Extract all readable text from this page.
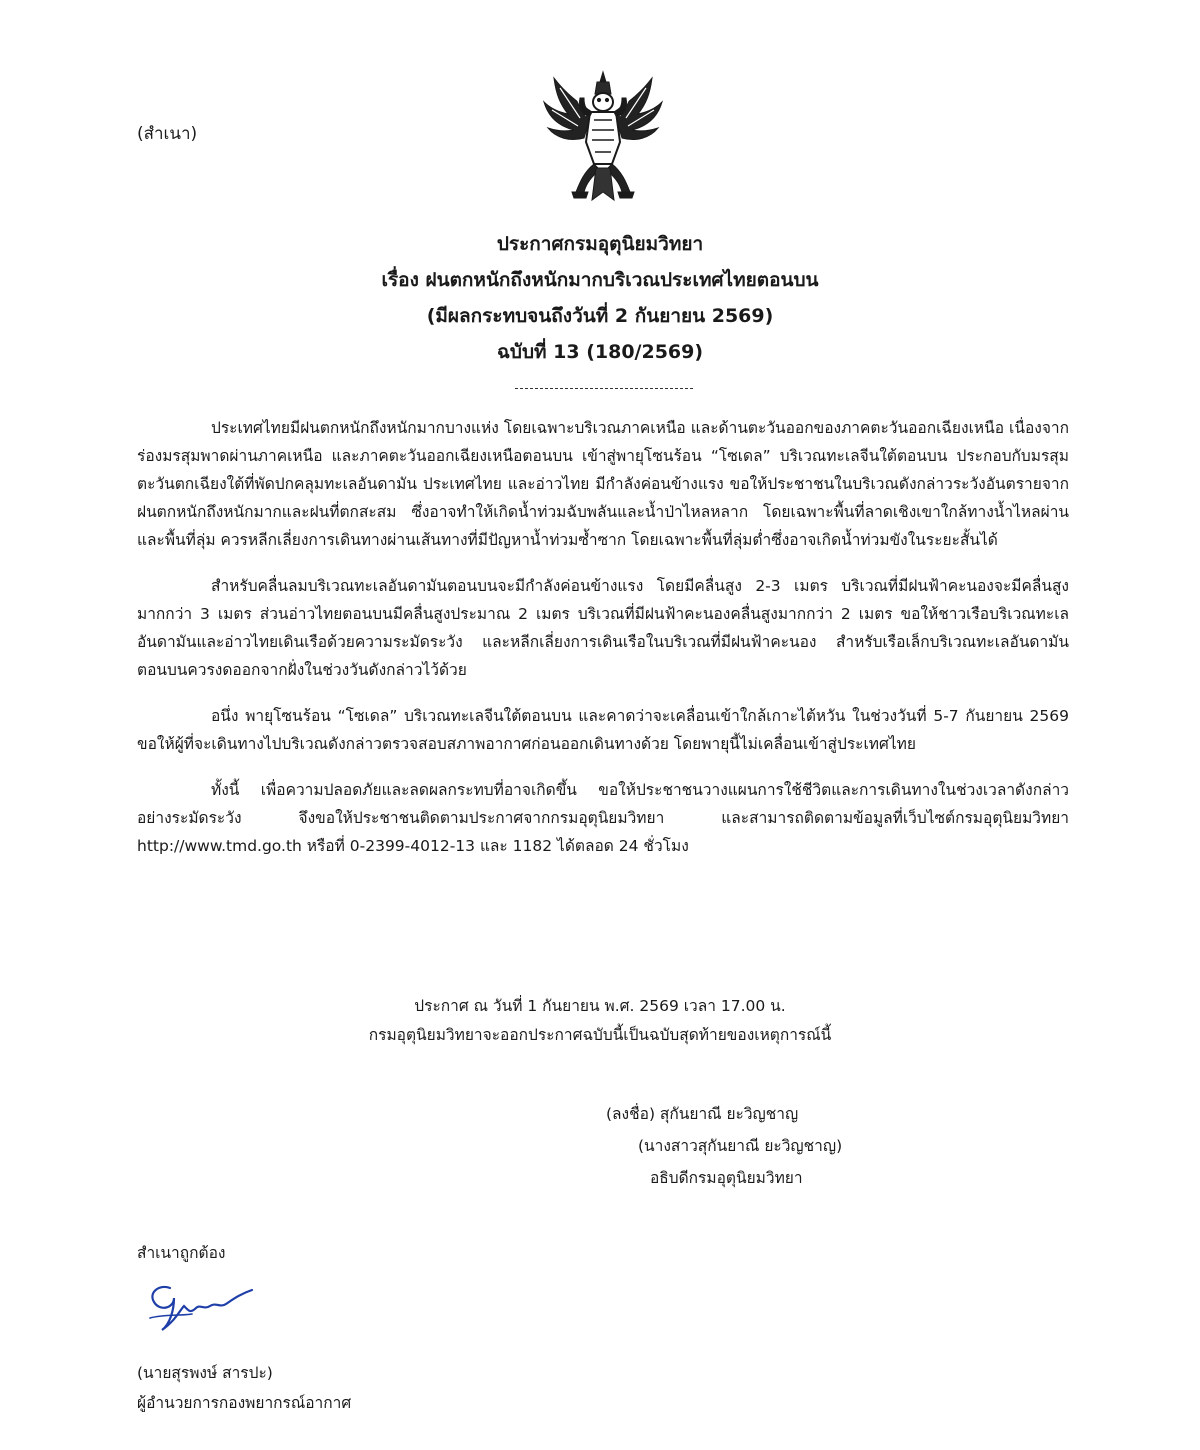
(สำเนา)
ประกาศกรมอุตุนิยมวิทยา
เรื่อง ฝนตกหนักถึงหนักมากบริเวณประเทศไทยตอนบน
(มีผลกระทบจนถึงวันที่ 2 กันยายน 2569)
ฉบับที่ 13 (180/2569)

ประเทศไทยมีฝนตกหนักถึงหนักมากบางแห่ง โดยเฉพาะบริเวณภาคเหนือ และด้านตะวันออกของภาคตะวันออกเฉียงเหนือ เนื่องจากร่องมรสุมพาดผ่านภาคเหนือ และภาคตะวันออกเฉียงเหนือตอนบน เข้าสู่พายุโซนร้อน “โซเดล” บริเวณทะเลจีนใต้ตอนบน ประกอบกับมรสุมตะวันตกเฉียงใต้ที่พัดปกคลุมทะเลอันดามัน ประเทศไทย และอ่าวไทย มีกำลังค่อนข้างแรง ขอให้ประชาชนในบริเวณดังกล่าวระวังอันตรายจากฝนตกหนักถึงหนักมากและฝนที่ตกสะสม ซึ่งอาจทำให้เกิดน้ำท่วมฉับพลันและน้ำป่าไหลหลาก โดยเฉพาะพื้นที่ลาดเชิงเขาใกล้ทางน้ำไหลผ่านและพื้นที่ลุ่ม ควรหลีกเลี่ยงการเดินทางผ่านเส้นทางที่มีปัญหาน้ำท่วมซ้ำซาก โดยเฉพาะพื้นที่ลุ่มต่ำซึ่งอาจเกิดน้ำท่วมขังในระยะสั้นได้

สำหรับคลื่นลมบริเวณทะเลอันดามันตอนบนจะมีกำลังค่อนข้างแรง โดยมีคลื่นสูง 2-3 เมตร บริเวณที่มีฝนฟ้าคะนองจะมีคลื่นสูงมากกว่า 3 เมตร ส่วนอ่าวไทยตอนบนมีคลื่นสูงประมาณ 2 เมตร บริเวณที่มีฝนฟ้าคะนองคลื่นสูงมากกว่า 2 เมตร ขอให้ชาวเรือบริเวณทะเลอันดามันและอ่าวไทยเดินเรือด้วยความระมัดระวัง และหลีกเลี่ยงการเดินเรือในบริเวณที่มีฝนฟ้าคะนอง สำหรับเรือเล็กบริเวณทะเลอันดามันตอนบนควรงดออกจากฝั่งในช่วงวันดังกล่าวไว้ด้วย

อนึ่ง พายุโซนร้อน “โซเดล” บริเวณทะเลจีนใต้ตอนบน และคาดว่าจะเคลื่อนเข้าใกล้เกาะไต้หวัน ในช่วงวันที่ 5-7 กันยายน 2569 ขอให้ผู้ที่จะเดินทางไปบริเวณดังกล่าวตรวจสอบสภาพอากาศก่อนออกเดินทางด้วย โดยพายุนี้ไม่เคลื่อนเข้าสู่ประเทศไทย

ทั้งนี้ เพื่อความปลอดภัยและลดผลกระทบที่อาจเกิดขึ้น ขอให้ประชาชนวางแผนการใช้ชีวิตและการเดินทางในช่วงเวลาดังกล่าวอย่างระมัดระวัง จึงขอให้ประชาชนติดตามประกาศจากกรมอุตุนิยมวิทยา และสามารถติดตามข้อมูลที่เว็บไซต์กรมอุตุนิยมวิทยา http://www.tmd.go.th หรือที่ 0-2399-4012-13 และ 1182 ได้ตลอด 24 ชั่วโมง

ประกาศ ณ วันที่ 1 กันยายน พ.ศ. 2569 เวลา 17.00 น.
กรมอุตุนิยมวิทยาจะออกประกาศฉบับนี้เป็นฉบับสุดท้ายของเหตุการณ์นี้
(ลงชื่อ) สุกันยาณี ยะวิญชาญ
(นางสาวสุกันยาณี ยะวิญชาญ)
อธิบดีกรมอุตุนิยมวิทยา
สำเนาถูกต้อง
(นายสุรพงษ์ สารปะ)
ผู้อำนวยการกองพยากรณ์อากาศ
